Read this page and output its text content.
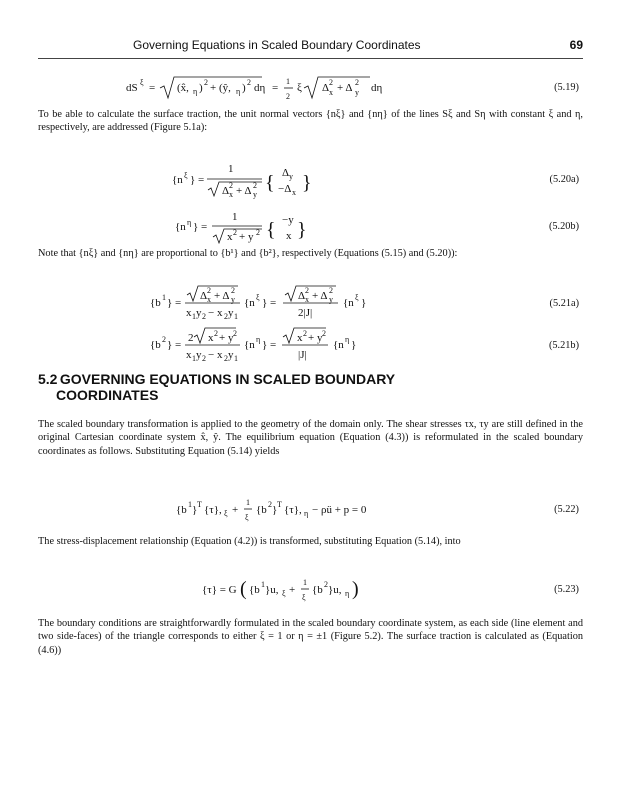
Governing Equations in Scaled Boundary Coordinates	69
dS ξ = (x̂, η ) 2 + (ŷ, η ) 2 dη =
1
2
ξ Δ x
2 + Δ y
2 dη	(5.19)
To be able to calculate the surface traction, the unit normal vectors {nξ} and {nη} of the lines Sξ and Sη with constant ξ and η, respectively, are addressed (Figure 5.1a):
{n ξ } =
1
Δ x
2 + Δ y
2 { Δ y
−Δ x }	(5.20a)
{n η } =
1
x 2 + y 2 { −y
x }	(5.20b)
Note that {nξ} and {nη} are proportional to {b¹} and {b²}, respectively (Equations (5.15) and (5.20)):
{b 1 } =
Δ x
2 + Δ y
2
x 1 y 2 − x 2 y 1
{n ξ } =
Δ x
2 + Δ y
2
2|J|
{n ξ }	(5.21a)
{b 2 } =
2 x 2 + y 2
x 1 y 2 − x 2 y 1
{n η } =
x 2 + y 2
|J|
{n η }	(5.21b)
5.2 GOVERNING EQUATIONS IN SCALED BOUNDARY
COORDINATES
The scaled boundary transformation is applied to the geometry of the domain only. The shear stresses τx, τy are still defined in the original Cartesian coordinate system x̂, ŷ. The equilibrium equation (Equation (4.3)) is reformulated in the scaled boundary coordinates as follows. Substituting Equation (5.14) yields
{b 1 } T {τ}, ξ +
1
ξ
{b 2 } T {τ}, η − ρü + p = 0	(5.22)
The stress-displacement relationship (Equation (4.2)) is transformed, substituting Equation (5.14), into
{τ} = G ( {b 1 }u, ξ +
1
ξ
{b 2 }u, η )	(5.23)
The boundary conditions are straightforwardly formulated in the scaled boundary coordinate system, as each side (line element and two side-faces) of the triangle corresponds to either ξ = 1 or η = ±1 (Figure 5.2). The surface traction is calculated as (Equation (4.6))
